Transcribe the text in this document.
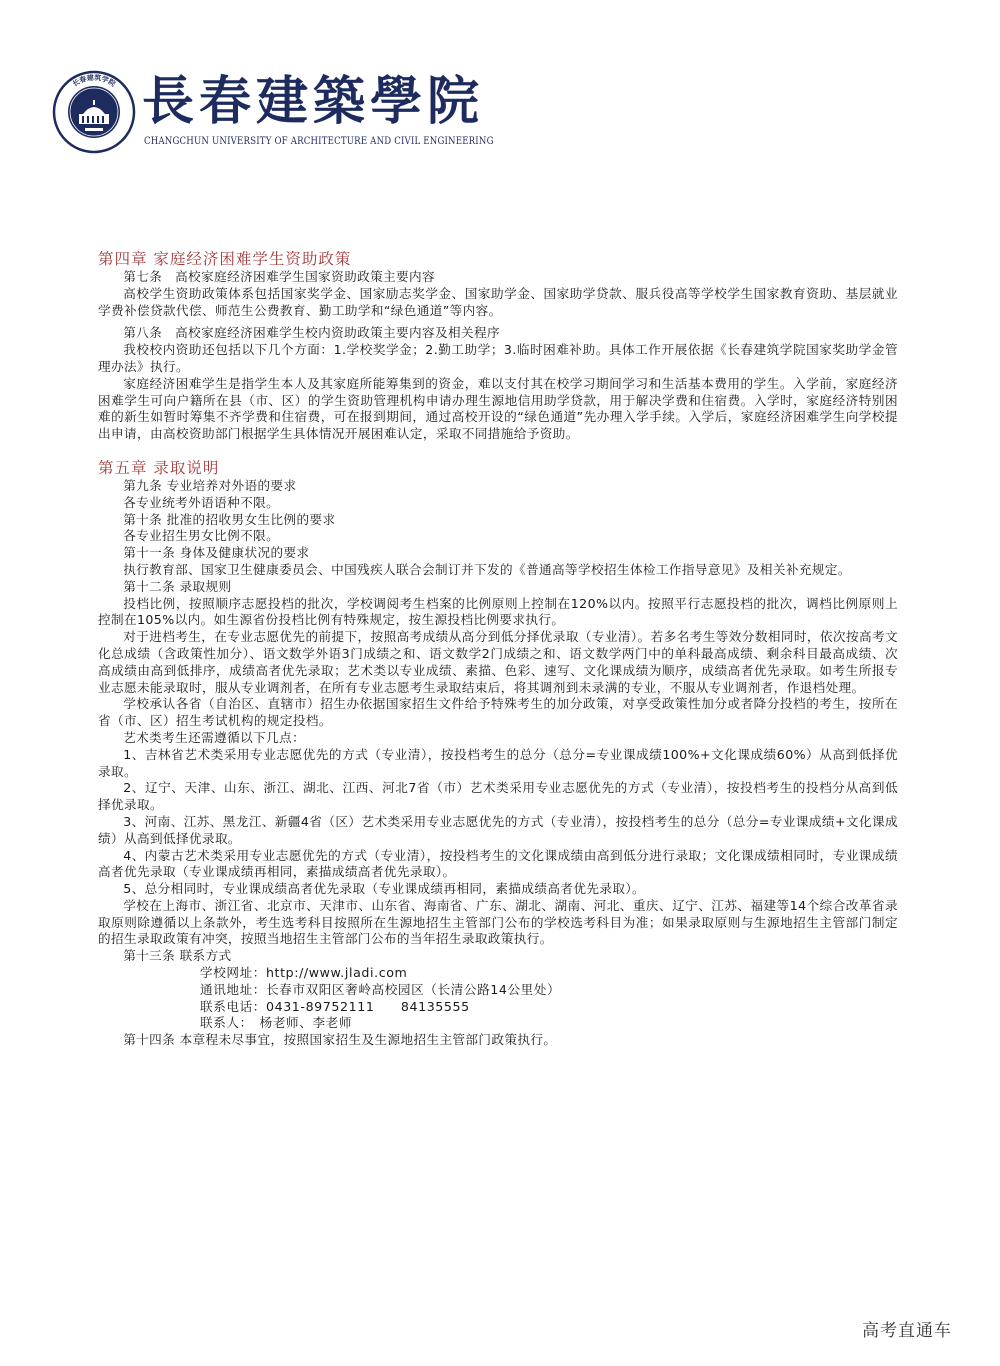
长春建筑学院 長春建築學院
CHANGCHUN UNIVERSITY OF ARCHITECTURE AND CIVIL ENGINEERING
第四章 家庭经济困难学生资助政策

第七条　高校家庭经济困难学生国家资助政策主要内容

高校学生资助政策体系包括国家奖学金、国家励志奖学金、国家助学金、国家助学贷款、服兵役高等学校学生国家教育资助、基层就业学费补偿贷款代偿、师范生公费教育、勤工助学和“绿色通道”等内容。

第八条　高校家庭经济困难学生校内资助政策主要内容及相关程序

我校校内资助还包括以下几个方面：1.学校奖学金；2.勤工助学；3.临时困难补助。具体工作开展依据《长春建筑学院国家奖助学金管理办法》执行。

家庭经济困难学生是指学生本人及其家庭所能筹集到的资金，难以支付其在校学习期间学习和生活基本费用的学生。入学前，家庭经济困难学生可向户籍所在县（市、区）的学生资助管理机构申请办理生源地信用助学贷款，用于解决学费和住宿费。入学时，家庭经济特别困难的新生如暂时筹集不齐学费和住宿费，可在报到期间，通过高校开设的“绿色通道”先办理入学手续。入学后，家庭经济困难学生向学校提出申请，由高校资助部门根据学生具体情况开展困难认定，采取不同措施给予资助。

第五章 录取说明

第九条 专业培养对外语的要求

各专业统考外语语种不限。

第十条 批准的招收男女生比例的要求

各专业招生男女比例不限。

第十一条 身体及健康状况的要求

执行教育部、国家卫生健康委员会、中国残疾人联合会制订并下发的《普通高等学校招生体检工作指导意见》及相关补充规定。

第十二条 录取规则

投档比例，按照顺序志愿投档的批次，学校调阅考生档案的比例原则上控制在120%以内。按照平行志愿投档的批次，调档比例原则上控制在105%以内。如生源省份投档比例有特殊规定，按生源投档比例要求执行。

对于进档考生，在专业志愿优先的前提下，按照高考成绩从高分到低分择优录取（专业清）。若多名考生等效分数相同时，依次按高考文化总成绩（含政策性加分）、语文数学外语3门成绩之和、语文数学2门成绩之和、语文数学两门中的单科最高成绩、剩余科目最高成绩、次高成绩由高到低排序，成绩高者优先录取；艺术类以专业成绩、素描、色彩、速写、文化课成绩为顺序，成绩高者优先录取。如考生所报专业志愿未能录取时，服从专业调剂者，在所有专业志愿考生录取结束后，将其调剂到未录满的专业，不服从专业调剂者，作退档处理。

学校承认各省（自治区、直辖市）招生办依据国家招生文件给予特殊考生的加分政策，对享受政策性加分或者降分投档的考生，按所在省（市、区）招生考试机构的规定投档。

艺术类考生还需遵循以下几点：

1、吉林省艺术类采用专业志愿优先的方式（专业清），按投档考生的总分（总分=专业课成绩100%+文化课成绩60%）从高到低择优录取。

2、辽宁、天津、山东、浙江、湖北、江西、河北7省（市）艺术类采用专业志愿优先的方式（专业清），按投档考生的投档分从高到低择优录取。

3、河南、江苏、黑龙江、新疆4省（区）艺术类采用专业志愿优先的方式（专业清），按投档考生的总分（总分=专业课成绩+文化课成绩）从高到低择优录取。

4、内蒙古艺术类采用专业志愿优先的方式（专业清），按投档考生的文化课成绩由高到低分进行录取；文化课成绩相同时，专业课成绩高者优先录取（专业课成绩再相同，素描成绩高者优先录取）。

5、总分相同时，专业课成绩高者优先录取（专业课成绩再相同，素描成绩高者优先录取）。

学校在上海市、浙江省、北京市、天津市、山东省、海南省、广东、湖北、湖南、河北、重庆、辽宁、江苏、福建等14个综合改革省录取原则除遵循以上条款外，考生选考科目按照所在生源地招生主管部门公布的学校选考科目为准；如果录取原则与生源地招生主管部门制定的招生录取政策有冲突，按照当地招生主管部门公布的当年招生录取政策执行。

第十三条 联系方式

学校网址：http://www.jladi.com

通讯地址：长春市双阳区奢岭高校园区（长清公路14公里处）

联系电话：0431-89752111　　84135555

联系人：　杨老师、李老师

第十四条 本章程未尽事宜，按照国家招生及生源地招生主管部门政策执行。

高考直通车
